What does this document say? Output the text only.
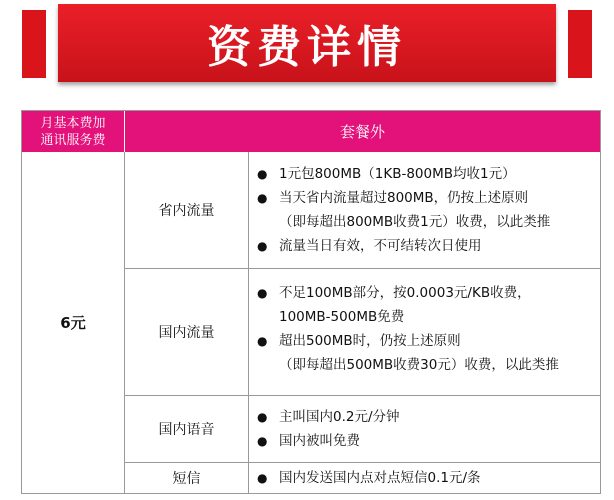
资费详情
月基本费加
通讯服务费	套餐外
6元
省内流量
● 1元包800MB（1KB-800MB均收1元）
● 当天省内流量超过800MB，仍按上述原则
（即每超出800MB收费1元）收费，以此类推
● 流量当日有效，不可结转次日使用
国内流量
● 不足100MB部分，按0.0003元/KB收费，
100MB-500MB免费
● 超出500MB时，仍按上述原则
（即每超出500MB收费30元）收费，以此类推
国内语音
● 主叫国内0.2元/分钟
● 国内被叫免费
短信	● 国内发送国内点对点短信0.1元/条
